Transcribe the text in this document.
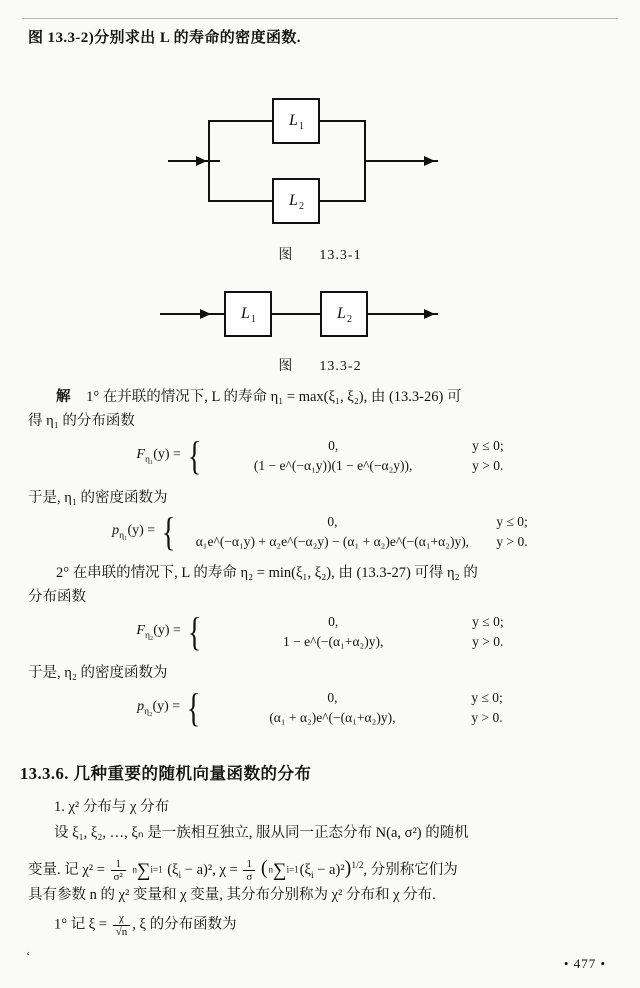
图 13.3-2)分别求出 L 的寿命的密度函数.
$L_1$
$L_2$
图 13.3-1
$L_1$	$L_2$
图 13.3-2
解 1° 在并联的情况下, L 的寿命 η₁ = max(ξ₁, ξ₂), 由 (13.3-26) 可
得 η₁ 的分布函数
$F_{\eta_1}(y)$ = {	0,	y ≤ 0;
(1 − e^(−α₁y))(1 − e^(−α₂y)),	y > 0.
于是, η₁ 的密度函数为
$p_{\eta_1}(y)$ = {	0,	y ≤ 0;
α₁e^(−α₁y) + α₂e^(−α₂y) − (α₁ + α₂)e^(−(α₁+α₂)y),	y > 0.
2° 在串联的情况下, L 的寿命 η₂ = min(ξ₁, ξ₂), 由 (13.3-27) 可得 η₂ 的
分布函数
$F_{\eta_2}(y)$ = {	0,	y ≤ 0;
1 − e^(−(α₁+α₂)y),	y > 0.
于是, η₂ 的密度函数为
$p_{\eta_2}(y)$ = {	0,	y ≤ 0;
(α₁ + α₂)e^(−(α₁+α₂)y),	y > 0.
13.3.6. 几种重要的随机向量函数的分布
1. χ² 分布与 χ 分布
设 ξ₁, ξ₂, …, ξₙ 是一族相互独立, 服从同一正态分布 N(a, σ²) 的随机
变量. 记 $\chi^2 = \frac{1}{\text{σ²}} n\sum i=1$ $(\xi_i - a)^2$, $\chi = \frac{1}{\sigma} (n\sum i=1(\xi_i - a)^2)^{1/2}$, 分别称它们为
具有参数 n 的 χ² 变量和 χ 变量, 其分布分别称为 χ² 分布和 χ 分布.
1° 记 $\xi = \frac{\chi}{√n}$ , ξ 的分布函数为
ʻ
• 477 •
